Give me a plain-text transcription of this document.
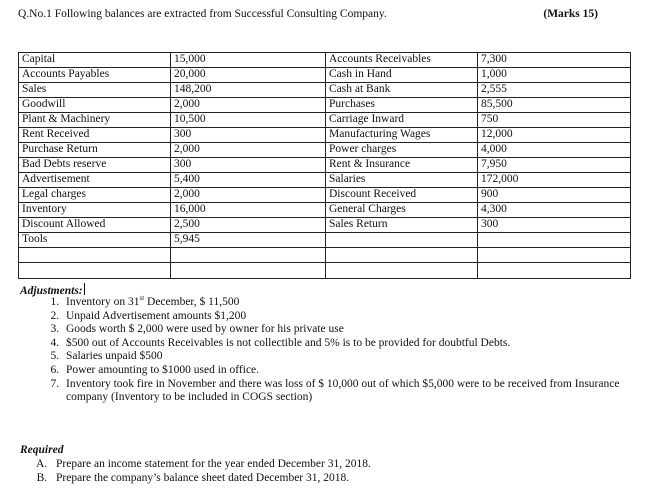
Q.No.1 Following balances are extracted from Successful Consulting Company.	(Marks 15)
Capital	15,000	Accounts Receivables	7,300
Accounts Payables	20,000	Cash in Hand	1,000
Sales	148,200	Cash at Bank	2,555
Goodwill	2,000	Purchases	85,500
Plant & Machinery	10,500	Carriage Inward	750
Rent Received	300	Manufacturing Wages	12,000
Purchase Return	2,000	Power charges	4,000
Bad Debts reserve	300	Rent & Insurance	7,950
Advertisement	5,400	Salaries	172,000
Legal charges	2,000	Discount Received	900
Inventory	16,000	General Charges	4,300
Discount Allowed	2,500	Sales Return	300
Tools	5,945		

Adjustments:
1. Inventory on 31st December, $ 11,500
2. Unpaid Advertisement amounts $1,200
3. Goods worth $ 2,000 were used by owner for his private use
4. $500 out of Accounts Receivables is not collectible and 5% is to be provided for doubtful Debts.
5. Salaries unpaid $500
6. Power amounting to $1000 used in office.
7. Inventory took fire in November and there was loss of $ 10,000 out of which $5,000 were to be received from Insurance company (Inventory to be included in COGS section)
Required
A. Prepare an income statement for the year ended December 31, 2018.
B. Prepare the company’s balance sheet dated December 31, 2018.
